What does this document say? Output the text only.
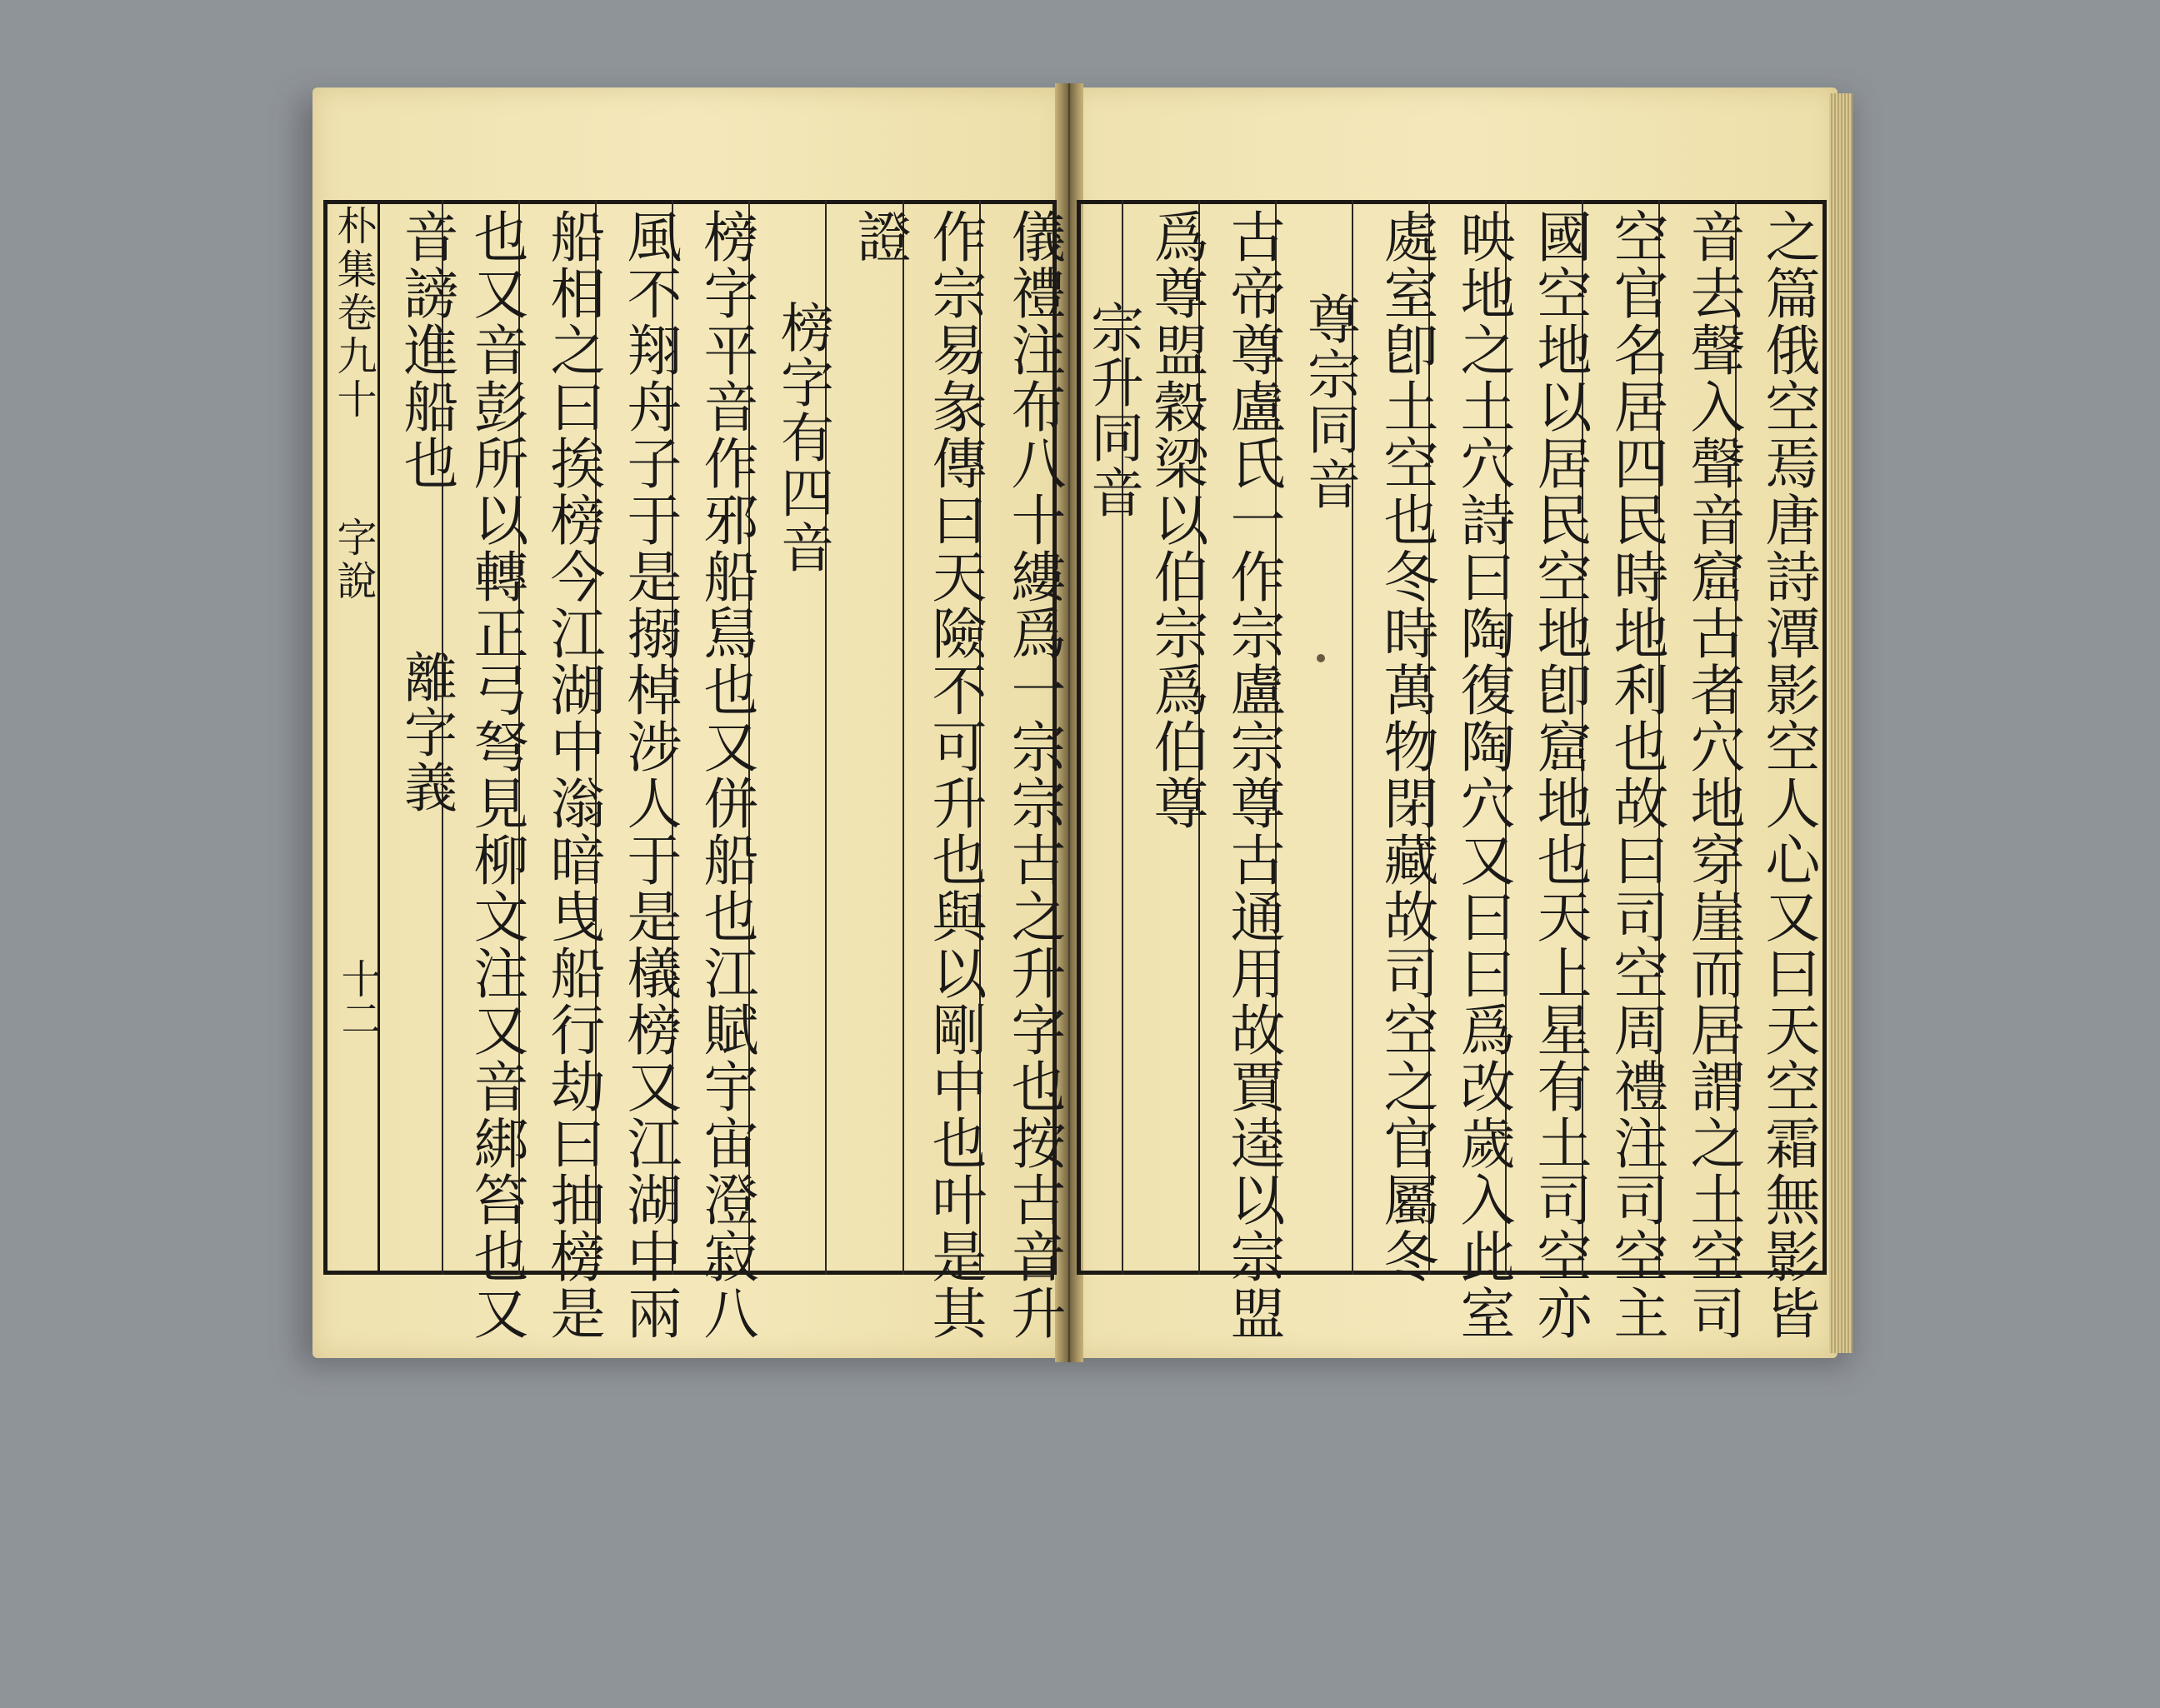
朴集卷九十
字說
十二	儀禮注布八十縷爲一宗宗古之升字也按古音升
作宗易彖傳曰天險不可升也與以剛中也叶是其
證
榜字有四音
榜字平音作邪船舃也又併船也江賦宇宙澄寂八
風不翔舟子于是搦棹涉人于是檥榜又江湖中兩
船相之曰挨榜今江湖中滃暗曳船行劫曰抽榜是
也又音彭所以轉正弓弩見柳文注又音綁笞也又
音謗進船也
離字義	之篇俄空焉唐詩潭影空人心又曰天空霜無影皆
音去聲入聲音窟古者穴地穿崖而居謂之土空司
空官名居四民時地利也故曰司空周禮注司空主
國空地以居民空地卽窟地也天上星有土司空亦
映地之土穴詩曰陶復陶穴又曰曰爲改歲入此室
處室卽土空也冬時萬物閉藏故司空之官屬冬
尊宗同音
古帝尊盧氏一作宗盧宗尊古通用故賈逵以宗盟
爲尊盟穀梁以伯宗爲伯尊
宗升同音
